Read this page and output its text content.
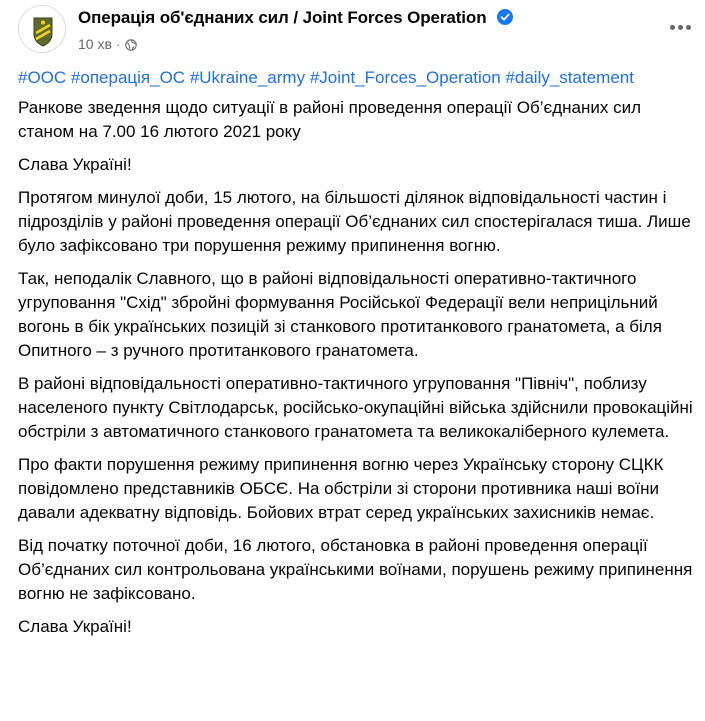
Операція об'єднаних сил / Joint Forces Operation
10 хв ·
#ООС #операція_ОС #Ukraine_army #Joint_Forces_Operation #daily_statement
Ранкове зведення щодо ситуації в районі проведення операції Об’єднаних сил станом на 7.00 16 лютого 2021 року
Слава Україні!
Протягом минулої доби, 15 лютого, на більшості ділянок відповідальності частин і підрозділів у районі проведення операції Об’єднаних сил спостерігалася тиша. Лише було зафіксовано три порушення режиму припинення вогню.
Так, неподалік Славного, що в районі відповідальності оперативно-тактичного угруповання "Схід" збройні формування Російської Федерації вели неприцільний вогонь в бік українських позицій зі станкового протитанкового гранатомета, а біля Опитного – з ручного протитанкового гранатомета.
В районі відповідальності оперативно-тактичного угруповання "Північ", поблизу населеного пункту Світлодарськ, російсько-окупаційні війська здійснили провокаційні обстріли з автоматичного станкового гранатомета та великокаліберного кулемета.
Про факти порушення режиму припинення вогню через Українську сторону СЦКК повідомлено представників ОБСЄ. На обстріли зі сторони противника наші воїни давали адекватну відповідь. Бойових втрат серед українських захисників немає.
Від початку поточної доби, 16 лютого, обстановка в районі проведення операції Об’єднаних сил контрольована українськими воїнами, порушень режиму припинення вогню не зафіксовано.
Слава Україні!
